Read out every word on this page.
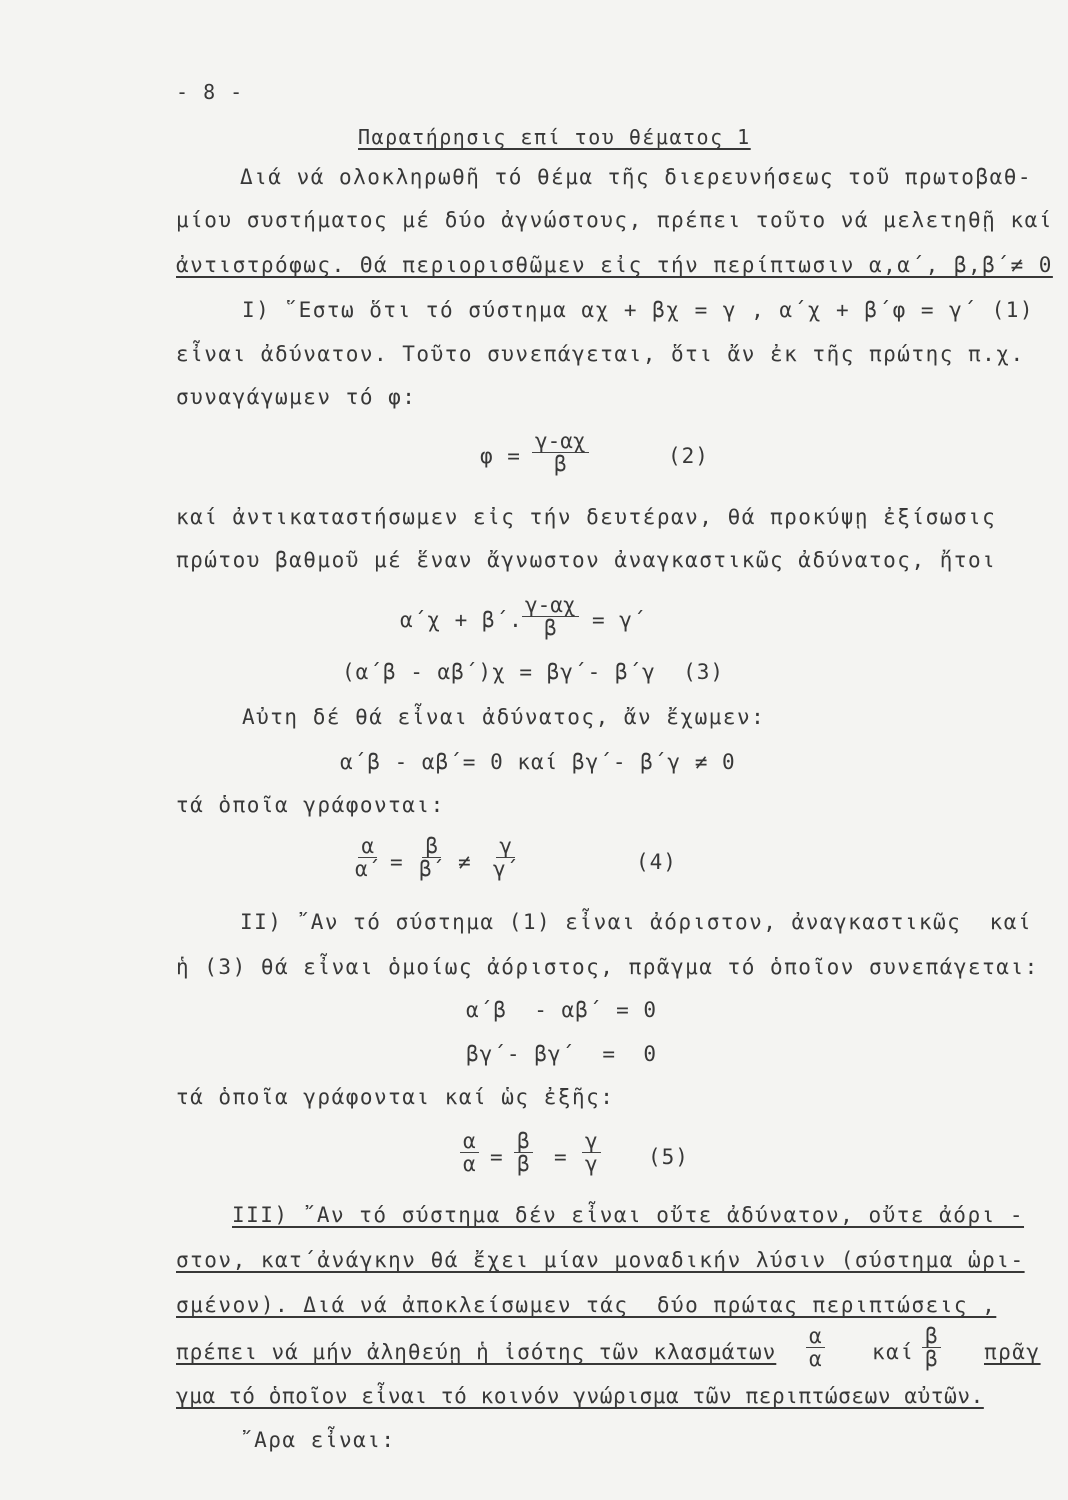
- 8 -
Παρατήρησις επί του θέματος 1
Διά νά ολοκληρωθῆ τό θέμα τῆς διερευνήσεως τοῦ πρωτοβαθ-
μίου συστήματος μέ δύο ἀγνώστους, πρέπει τοῦτο νά μελετηθῇ καί
ἀντιστρόφως. Θά περιορισθῶμεν εἰς τήν περίπτωσιν α,α΄, β,β΄≠ 0
I) ῞Εστω ὅτι τό σύστημα αχ + βχ = γ , α΄χ + β΄φ = γ΄ (1)
εἶναι ἀδύνατον. Τοῦτο συνεπάγεται, ὅτι ἄν ἐκ τῆς πρώτης π.χ.
συναγάγωμεν τό φ:
$\varphi = \frac{\gamma-\alpha\chi}{\beta}$	(2)
καί ἀντικαταστήσωμεν εἰς τήν δευτέραν, θά προκύψῃ ἐξίσωσις
πρώτου βαθμοῦ μέ ἕναν ἄγνωστον ἀναγκαστικῶς ἀδύνατος, ἤτοι
α΄χ + β΄. $\frac{\gamma-\alpha\chi}{\beta} = \gamma΄$
(α΄β - αβ΄)χ = βγ΄- β΄γ  (3)
Αὐτη δέ θά εἶναι ἀδύνατος, ἄν ἔχωμεν:
α΄β - αβ΄= 0 καί βγ΄- β΄γ ≠ 0
τά ὁποῖα γράφονται:
$\frac{\alpha}{\alpha΄} = \frac{\beta}{\beta΄} \ne \frac{\gamma}{\gamma΄}$	(4)
II) ῎Αν τό σύστημα (1) εἶναι ἀόριστον, ἀναγκαστικῶς  καί
ἡ (3) θά εἶναι ὁμοίως ἀόριστος, πρᾶγμα τό ὁποῖον συνεπάγεται:
α΄β  - αβ΄ = 0
βγ΄- βγ΄  =  0
τά ὁποῖα γράφονται καί ὡς ἐξῆς:
$\frac{\alpha}{\alpha} = \frac{\beta}{\beta} = \frac{\gamma}{\gamma} (5)$
III) ῎Αν τό σύστημα δέν εἶναι οὔτε ἀδύνατον, οὔτε ἀόρι -
στον, κατ΄ἀνάγκην θά ἔχει μίαν μοναδικήν λύσιν (σύστημα ὡρι-
σμένον). Διά νά ἀποκλείσωμεν τάς  δύο πρώτας περιπτώσεις ,
πρέπει νά μήν ἀληθεύῃ ἡ ἰσότης τῶν κλασμάτων $\frac{\alpha}{\alpha}$ καί $\frac{\beta}{\beta}$ πρᾶγ
γμα τό ὁποῖον εἶναι τό κοινόν γνώρισμα τῶν περιπτώσεων αὐτῶν.
῎Αρα εἶναι:
